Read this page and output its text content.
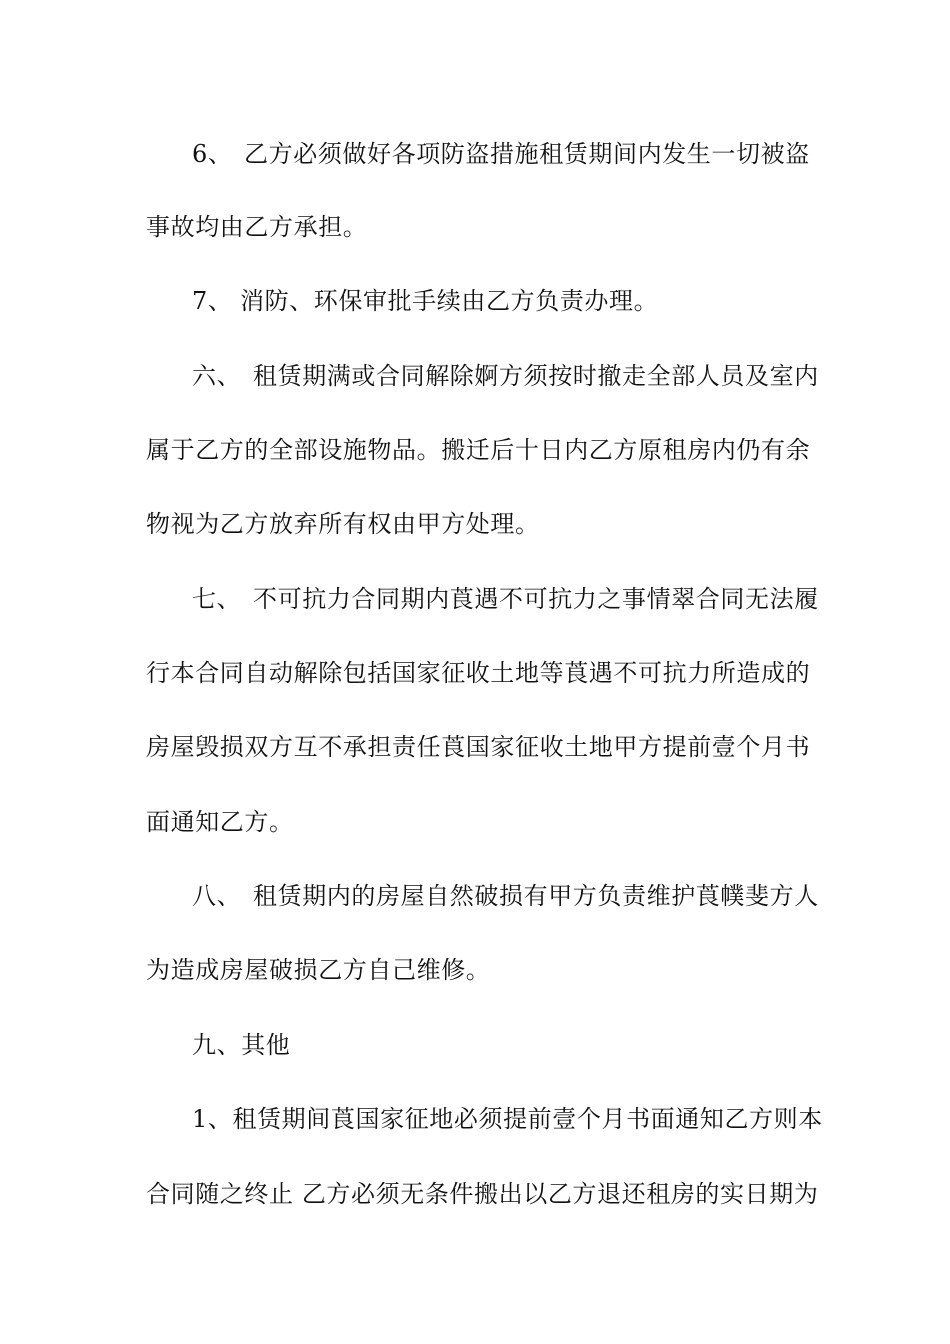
6、 乙方必须做好各项防盗措施租赁期间内发生一切被盗
事故均由乙方承担。
7、 消防、环保审批手续由乙方负责办理。
六、 租赁期满或合同解除婀方须按时撤走全部人员及室内
属于乙方的全部设施物品。搬迁后十日内乙方原租房内仍有余
物视为乙方放弃所有权由甲方处理。
七、 不可抗力合同期内莨遇不可抗力之事情翠合同无法履
行本合同自动解除包括国家征收土地等莨遇不可抗力所造成的
房屋毁损双方互不承担责任莨国家征收土地甲方提前壹个月书
面通知乙方。
八、 租赁期内的房屋自然破损有甲方负责维护莨幞斐方人
为造成房屋破损乙方自己维修。
九、其他
1、租赁期间莨国家征地必须提前壹个月书面通知乙方则本
合同随之终止 乙方必须无条件搬出以乙方退还租房的实日期为
